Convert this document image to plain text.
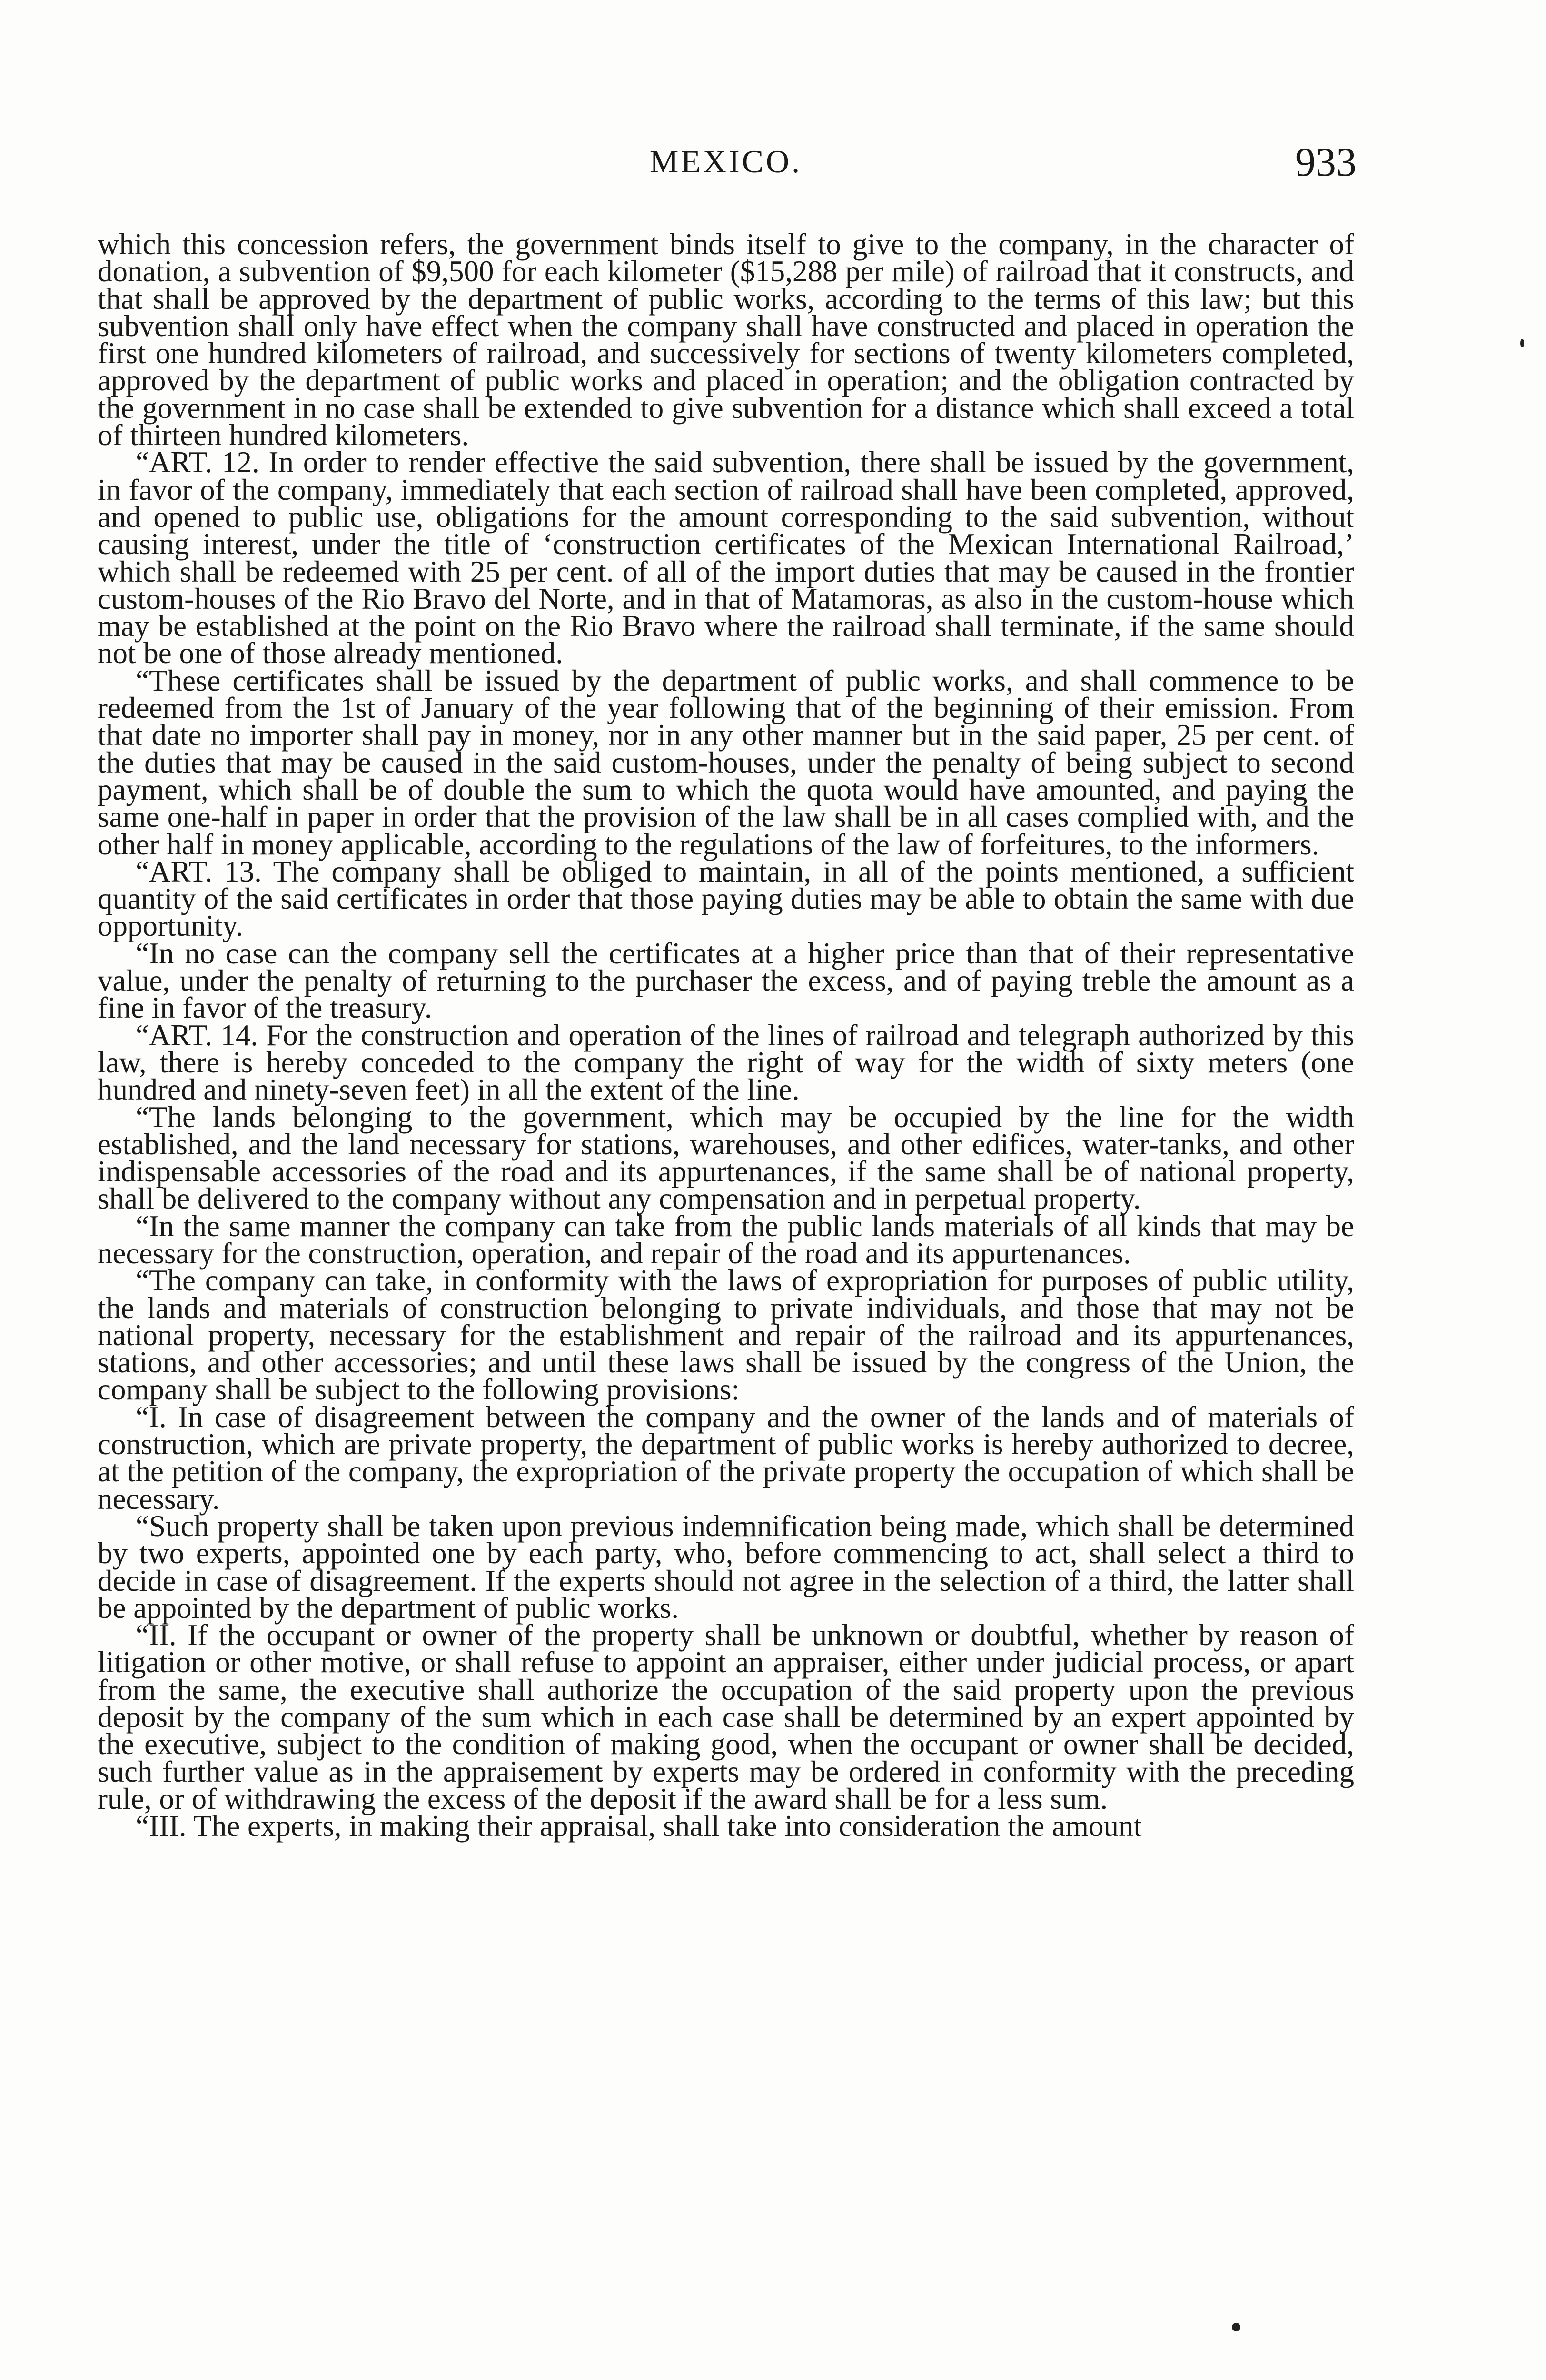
MEXICO.	933

which this concession refers, the government binds itself to give to the company, in the character of donation, a subvention of $9,500 for each kilometer ($15,288 per mile) of railroad that it constructs, and that shall be approved by the department of public works, according to the terms of this law; but this subvention shall only have effect when the company shall have constructed and placed in operation the first one hundred kilometers of railroad, and successively for sections of twenty kilometers completed, approved by the department of public works and placed in operation; and the obligation contracted by the government in no case shall be extended to give subvention for a distance which shall exceed a total of thirteen hundred kilometers.

“ART. 12. In order to render effective the said subvention, there shall be issued by the government, in favor of the company, immediately that each section of railroad shall have been completed, approved, and opened to public use, obligations for the amount corresponding to the said subvention, without causing interest, under the title of ‘construction certificates of the Mexican International Railroad,’ which shall be redeemed with 25 per cent. of all of the import duties that may be caused in the frontier custom-houses of the Rio Bravo del Norte, and in that of Matamoras, as also in the custom-house which may be established at the point on the Rio Bravo where the railroad shall terminate, if the same should not be one of those already mentioned.

“These certificates shall be issued by the department of public works, and shall commence to be redeemed from the 1st of January of the year following that of the beginning of their emission. From that date no importer shall pay in money, nor in any other manner but in the said paper, 25 per cent. of the duties that may be caused in the said custom-houses, under the penalty of being subject to second payment, which shall be of double the sum to which the quota would have amounted, and paying the same one-half in paper in order that the provision of the law shall be in all cases complied with, and the other half in money applicable, according to the regulations of the law of forfeitures, to the informers.

“ART. 13. The company shall be obliged to maintain, in all of the points mentioned, a sufficient quantity of the said certificates in order that those paying duties may be able to obtain the same with due opportunity.

“In no case can the company sell the certificates at a higher price than that of their representative value, under the penalty of returning to the purchaser the excess, and of paying treble the amount as a fine in favor of the treasury.

“ART. 14. For the construction and operation of the lines of railroad and telegraph authorized by this law, there is hereby conceded to the company the right of way for the width of sixty meters (one hundred and ninety-seven feet) in all the extent of the line.

“The lands belonging to the government, which may be occupied by the line for the width established, and the land necessary for stations, warehouses, and other edifices, water-tanks, and other indispensable accessories of the road and its appurtenances, if the same shall be of national property, shall be delivered to the company without any compensation and in perpetual property.

“In the same manner the company can take from the public lands materials of all kinds that may be necessary for the construction, operation, and repair of the road and its appurtenances.

“The company can take, in conformity with the laws of expropriation for purposes of public utility, the lands and materials of construction belonging to private individuals, and those that may not be national property, necessary for the establishment and repair of the railroad and its appurtenances, stations, and other accessories; and until these laws shall be issued by the congress of the Union, the company shall be subject to the following provisions:

“I. In case of disagreement between the company and the owner of the lands and of materials of construction, which are private property, the department of public works is hereby authorized to decree, at the petition of the company, the expropriation of the private property the occupation of which shall be necessary.

“Such property shall be taken upon previous indemnification being made, which shall be determined by two experts, appointed one by each party, who, before commencing to act, shall select a third to decide in case of disagreement. If the experts should not agree in the selection of a third, the latter shall be appointed by the department of public works.

“II. If the occupant or owner of the property shall be unknown or doubtful, whether by reason of litigation or other motive, or shall refuse to appoint an appraiser, either under judicial process, or apart from the same, the executive shall authorize the occupation of the said property upon the previous deposit by the company of the sum which in each case shall be determined by an expert appointed by the executive, subject to the condition of making good, when the occupant or owner shall be decided, such further value as in the appraisement by experts may be ordered in conformity with the preceding rule, or of withdrawing the excess of the deposit if the award shall be for a less sum.

“III. The experts, in making their appraisal, shall take into consideration the amount
